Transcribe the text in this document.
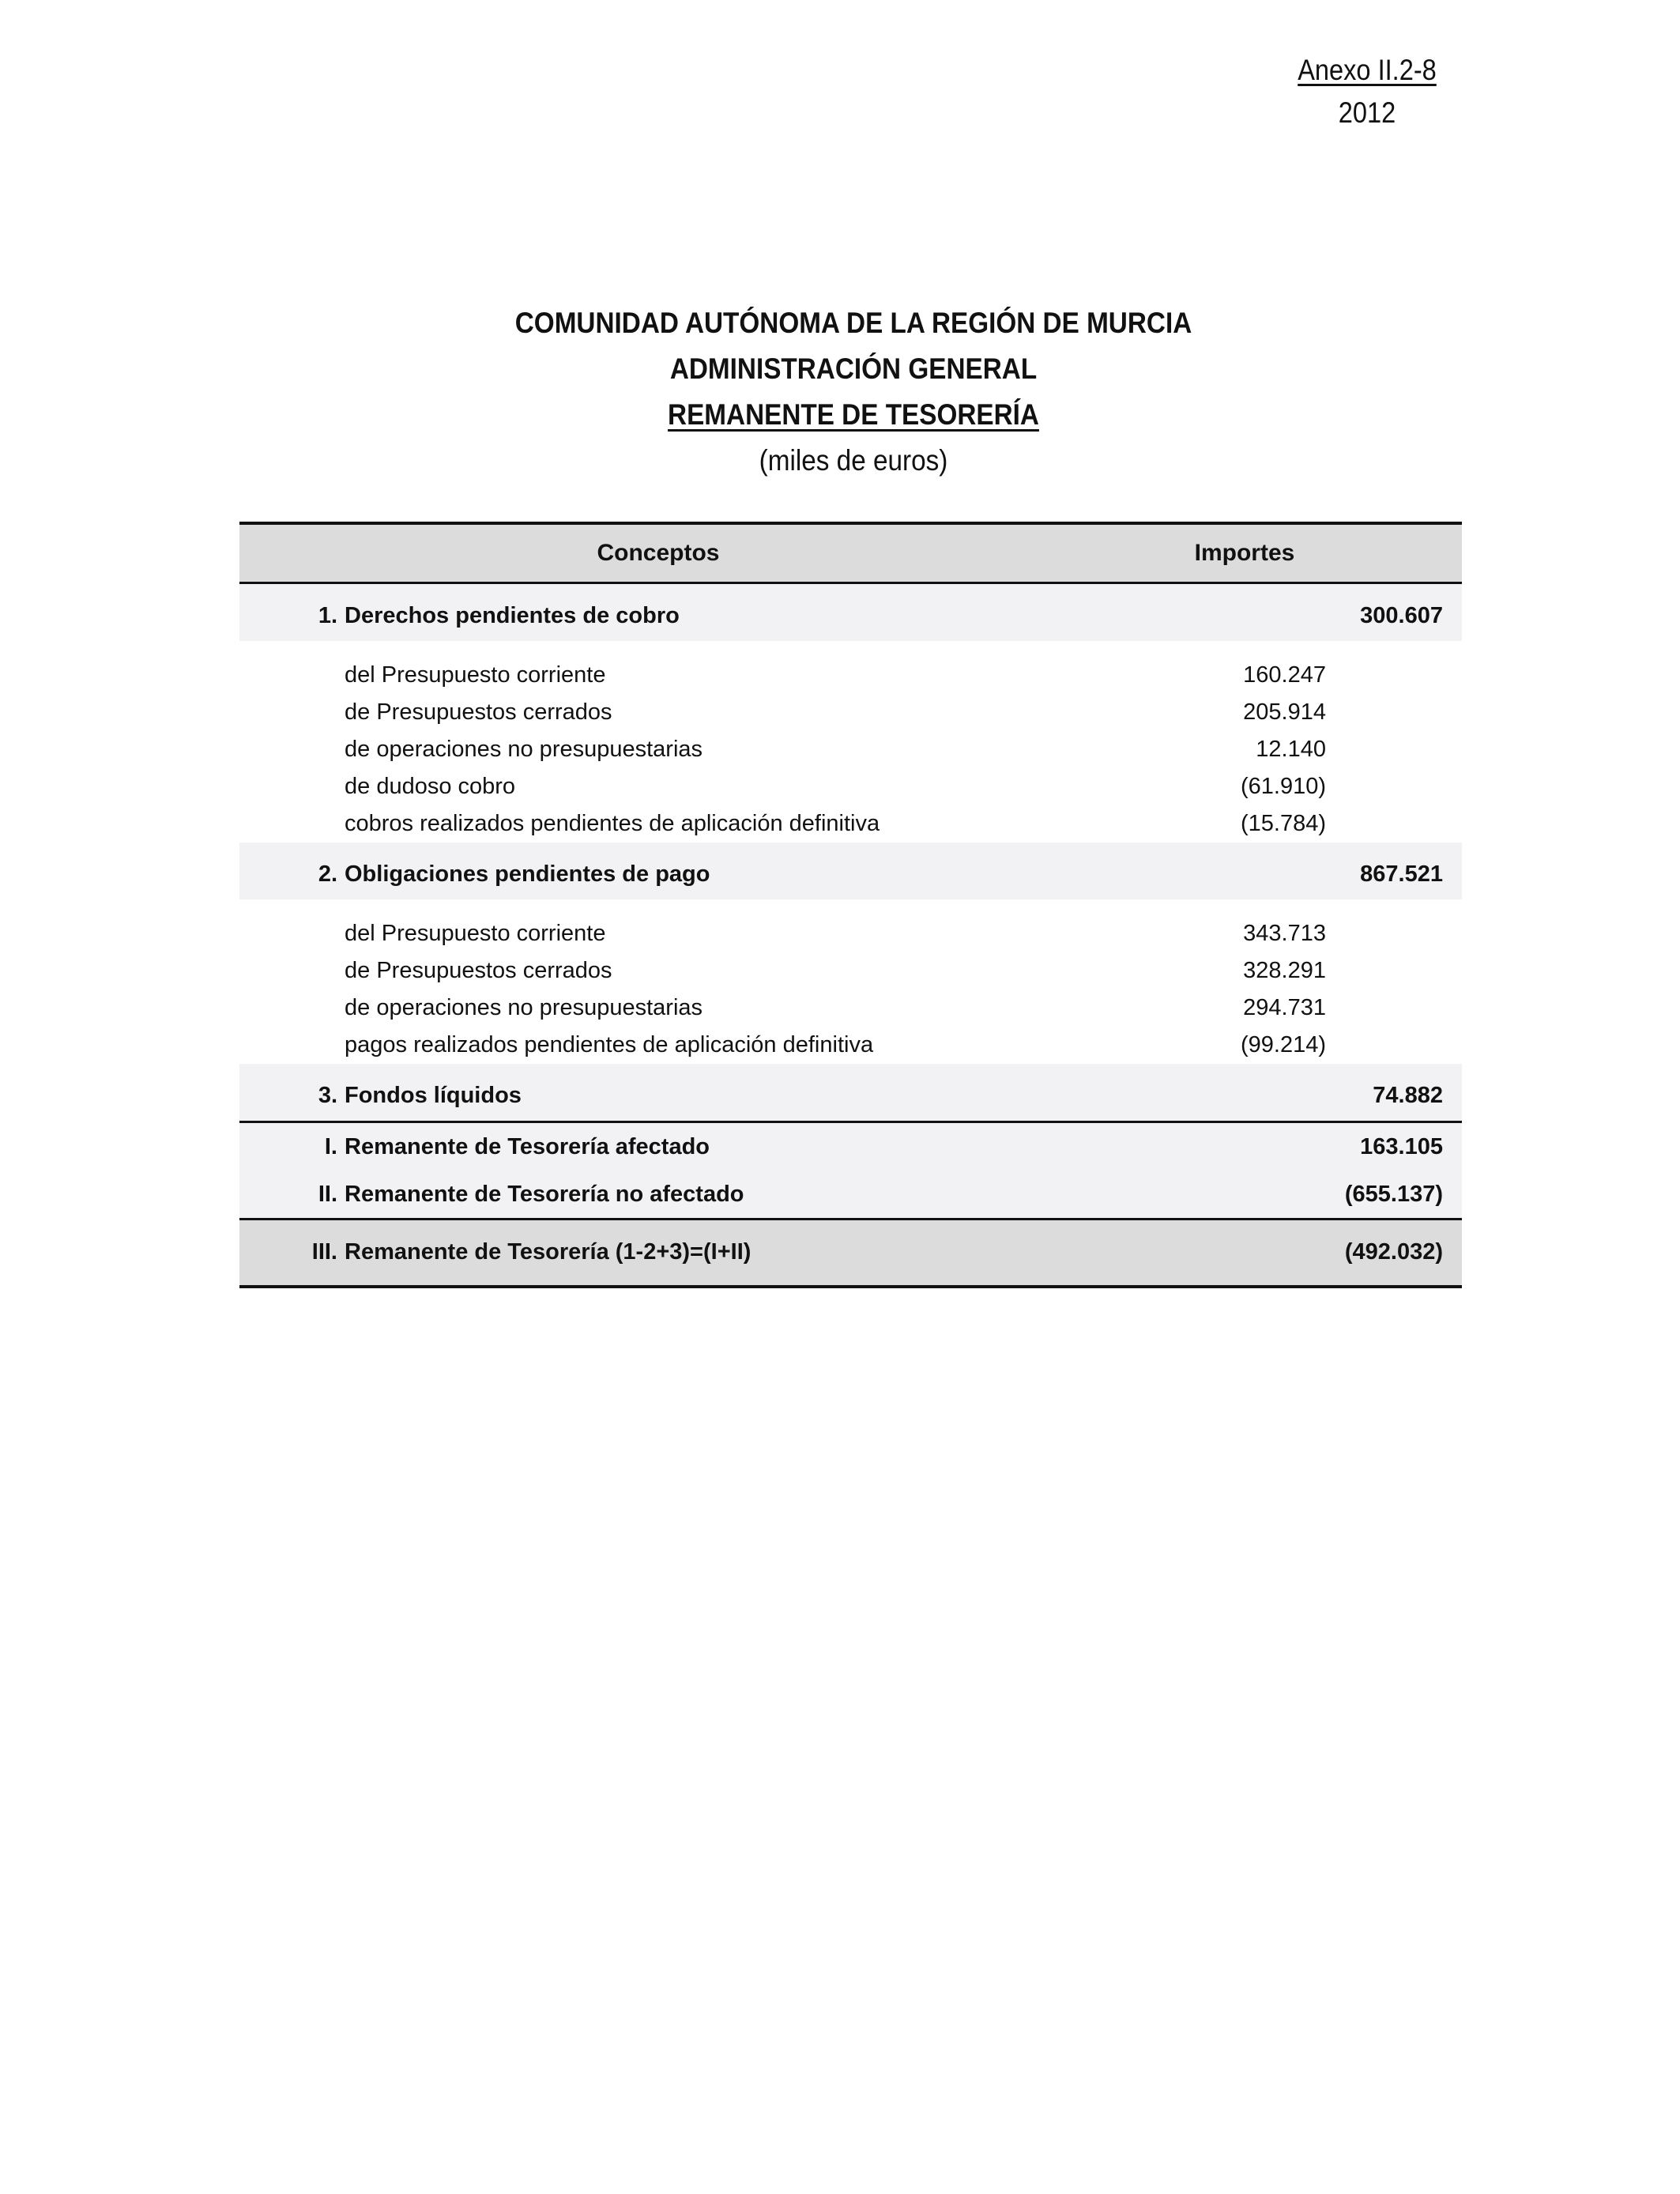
Anexo II.2-8
2012
COMUNIDAD AUTÓNOMA DE LA REGIÓN DE MURCIA
ADMINISTRACIÓN GENERAL
REMANENTE DE TESORERÍA
(miles de euros)
Conceptos	Importes
1. Derechos pendientes de cobro	300.607
del Presupuesto corriente	160.247
de Presupuestos cerrados	205.914
de operaciones no presupuestarias	12.140
de dudoso cobro	(61.910)
cobros realizados pendientes de aplicación definitiva	(15.784)
2. Obligaciones pendientes de pago	867.521
del Presupuesto corriente	343.713
de Presupuestos cerrados	328.291
de operaciones no presupuestarias	294.731
pagos realizados pendientes de aplicación definitiva	(99.214)
3. Fondos líquidos	74.882
I. Remanente de Tesorería afectado	163.105
II. Remanente de Tesorería no afectado	(655.137)
III. Remanente de Tesorería (1-2+3)=(I+II)	(492.032)
